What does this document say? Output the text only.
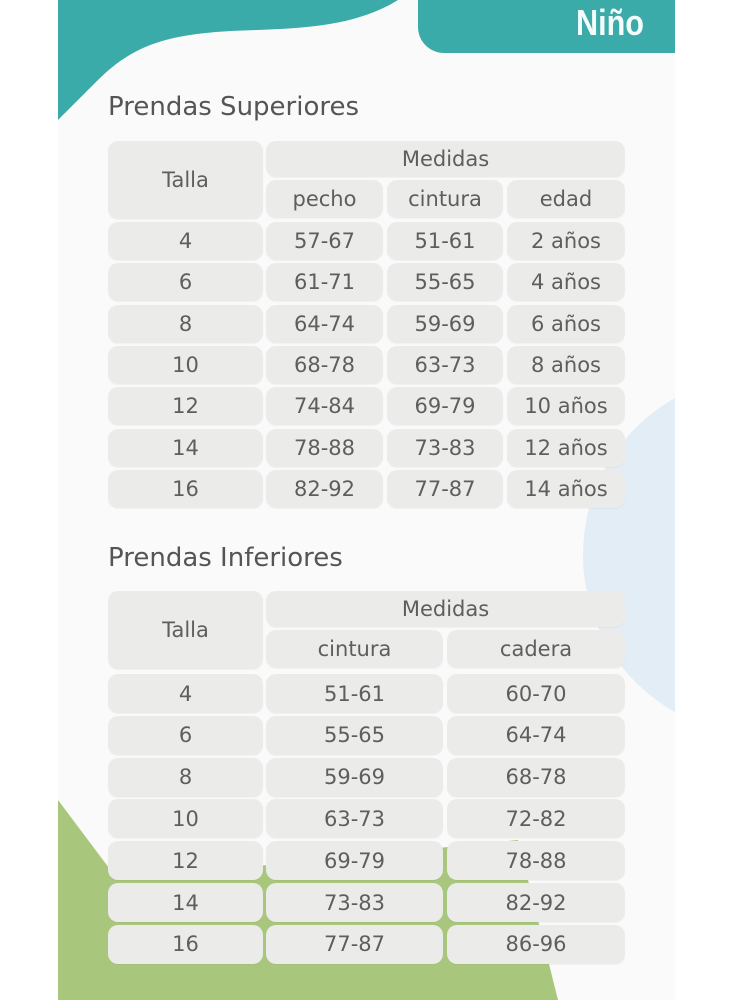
Niño
Prendas Superiores
Talla
Medidas
pecho	cintura	edad
4	57-67	51-61	2 años
6	61-71	55-65	4 años
8	64-74	59-69	6 años
10	68-78	63-73	8 años
12	74-84	69-79	10 años
14	78-88	73-83	12 años
16	82-92	77-87	14 años
Prendas Inferiores
Talla
Medidas
cintura	cadera
4	51-61	60-70
6	55-65	64-74
8	59-69	68-78
10	63-73	72-82
12	69-79	78-88
14	73-83	82-92
16	77-87	86-96
